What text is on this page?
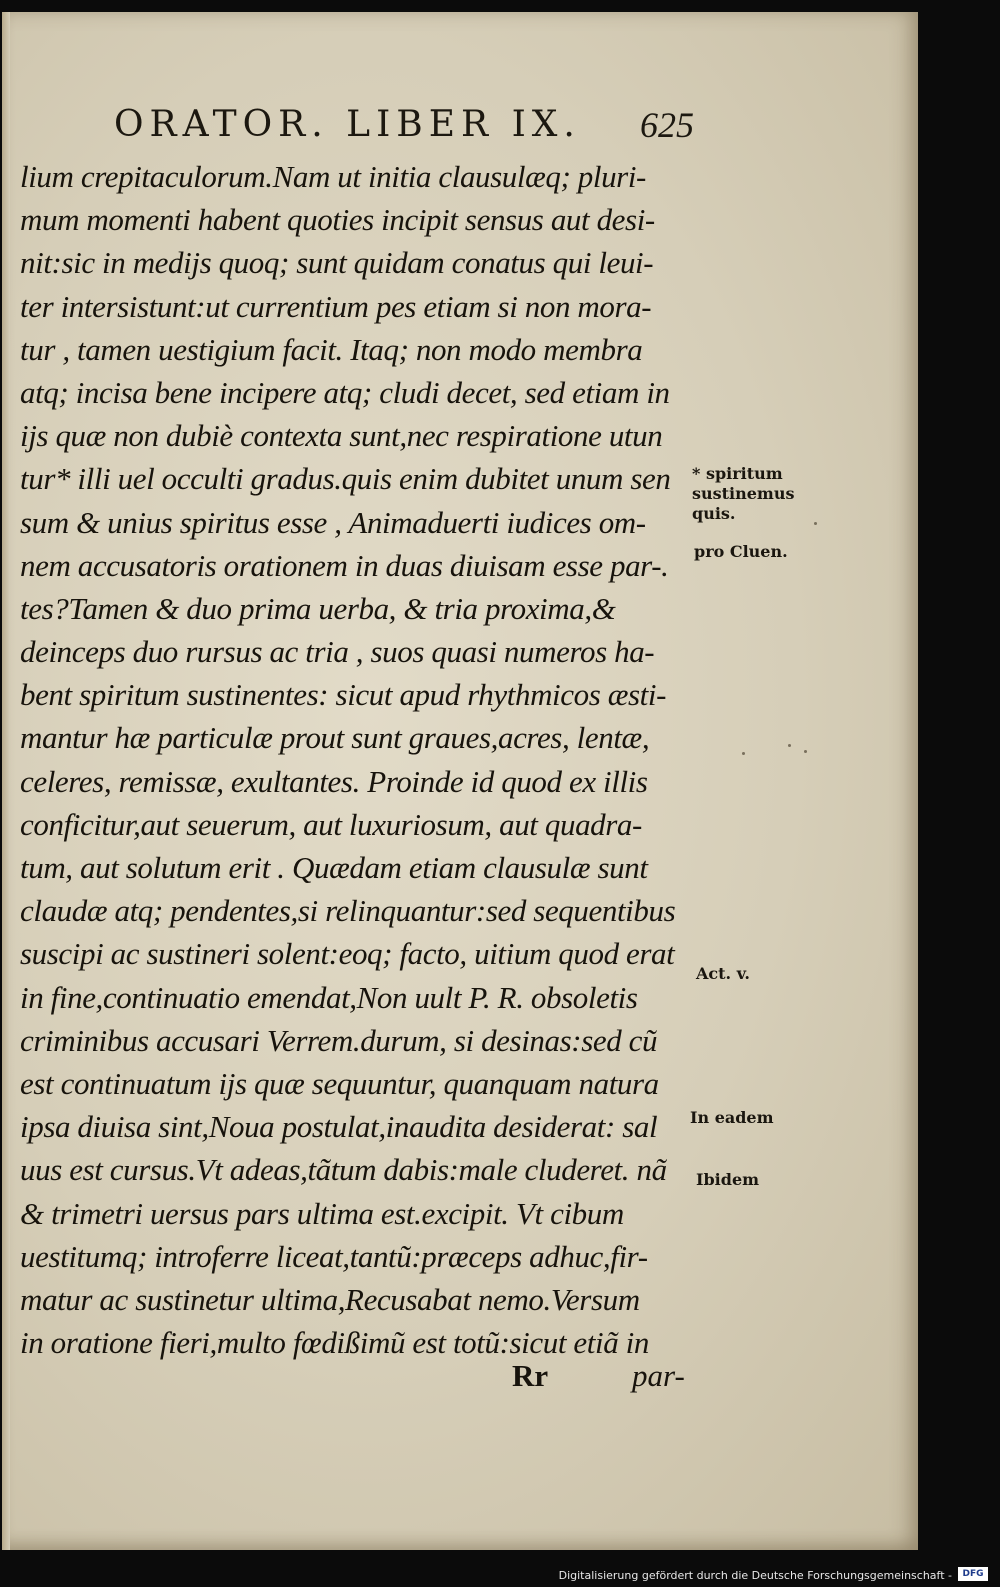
ORATOR. LIBER IX. 625
lium crepitaculorum.Nam ut initia clausulæq; pluri-
mum momenti habent quoties incipit sensus aut desi-
nit:sic in medijs quoq; sunt quidam conatus qui leui-
ter intersistunt:ut currentium pes etiam si non mora-
tur , tamen uestigium facit. Itaq; non modo membra
atq; incisa bene incipere atq; cludi decet, sed etiam in
ijs quæ non dubiè contexta sunt,nec respiratione utun
tur* illi uel occulti gradus.quis enim dubitet unum sen
sum & unius spiritus esse , Animaduerti iudices om-
nem accusatoris orationem in duas diuisam esse par-.
tes?Tamen & duo prima uerba, & tria proxima,&
deinceps duo rursus ac tria , suos quasi numeros ha-
bent spiritum sustinentes: sicut apud rhythmicos æsti-
mantur hæ particulæ prout sunt graues,acres, lentæ,
celeres, remissæ, exultantes. Proinde id quod ex illis
conficitur,aut seuerum, aut luxuriosum, aut quadra-
tum, aut solutum erit . Quædam etiam clausulæ sunt
claudæ atq; pendentes,si relinquantur:sed sequentibus
suscipi ac sustineri solent:eoq; facto, uitium quod erat
in fine,continuatio emendat,Non uult P. R. obsoletis
criminibus accusari Verrem.durum, si desinas:sed cũ
est continuatum ijs quæ sequuntur, quanquam natura
ipsa diuisa sint,Noua postulat,inaudita desiderat: sal
uus est cursus.Vt adeas,tãtum dabis:male cluderet. nã
& trimetri uersus pars ultima est.excipit. Vt cibum
uestitumq; introferre liceat,tantũ:præceps adhuc,fir-
matur ac sustinetur ultima,Recusabat nemo.Versum
in oratione fieri,multo fœdißimũ est totũ:sicut etiã in
Rr	par-
* spiritum
sustinemus
quis.
pro Cluen.
Act. v.
In eadem
Ibidem
Digitalisierung gefördert durch die Deutsche Forschungsgemeinschaft -	DFG
